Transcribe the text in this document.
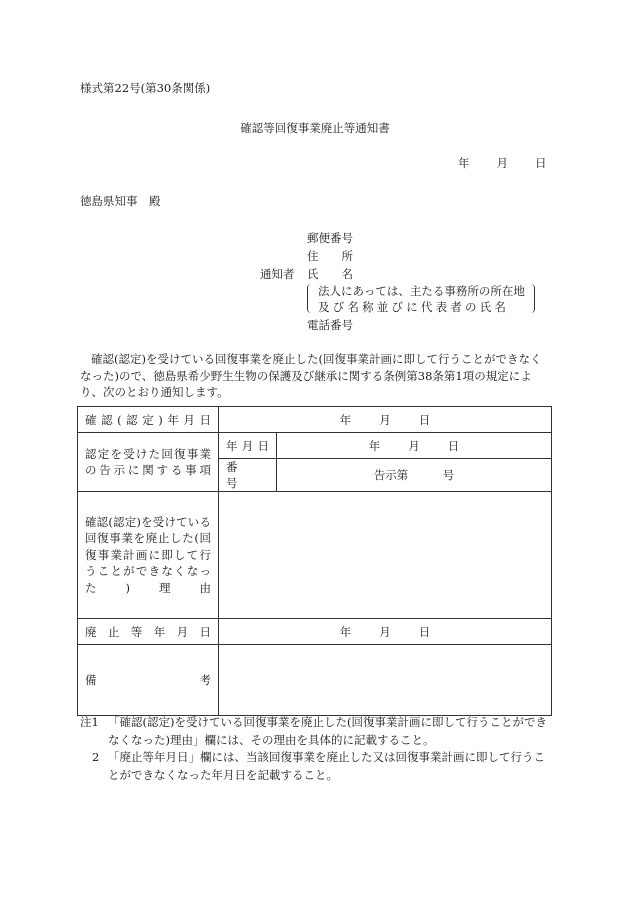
様式第22号(第30条関係)
確認等回復事業廃止等通知書
年 月 日
徳島県知事　殿
郵便番号
住　　所
通知者 氏　　名
法人にあっては、主たる事務所の所在地
及び名称並びに代表者の氏名
電話番号
確認(認定)を受けている回復事業を廃止した(回復事業計画に即して行うことができなくなった)ので、徳島県希少野生生物の保護及び継承に関する条例第38条第1項の規定により、次のとおり通知します。
確認(認定)年月日	年 月 日	
認定を受けた回復事業の告示に関する事項	年月日	年 月 日
	番　　号	告示第　　　号
確認(認定)を受けている回復事業を廃止した(回復事業計画に即して行うことができなくなった)理由		
廃止等年月日	年 月 日	
備 考		

注1 「確認(認定)を受けている回復事業を廃止した(回復事業計画に即して行うことができなくなった)理由」欄には、その理由を具体的に記載すること。
2 「廃止等年月日」欄には、当該回復事業を廃止した又は回復事業計画に即して行うことができなくなった年月日を記載すること。
